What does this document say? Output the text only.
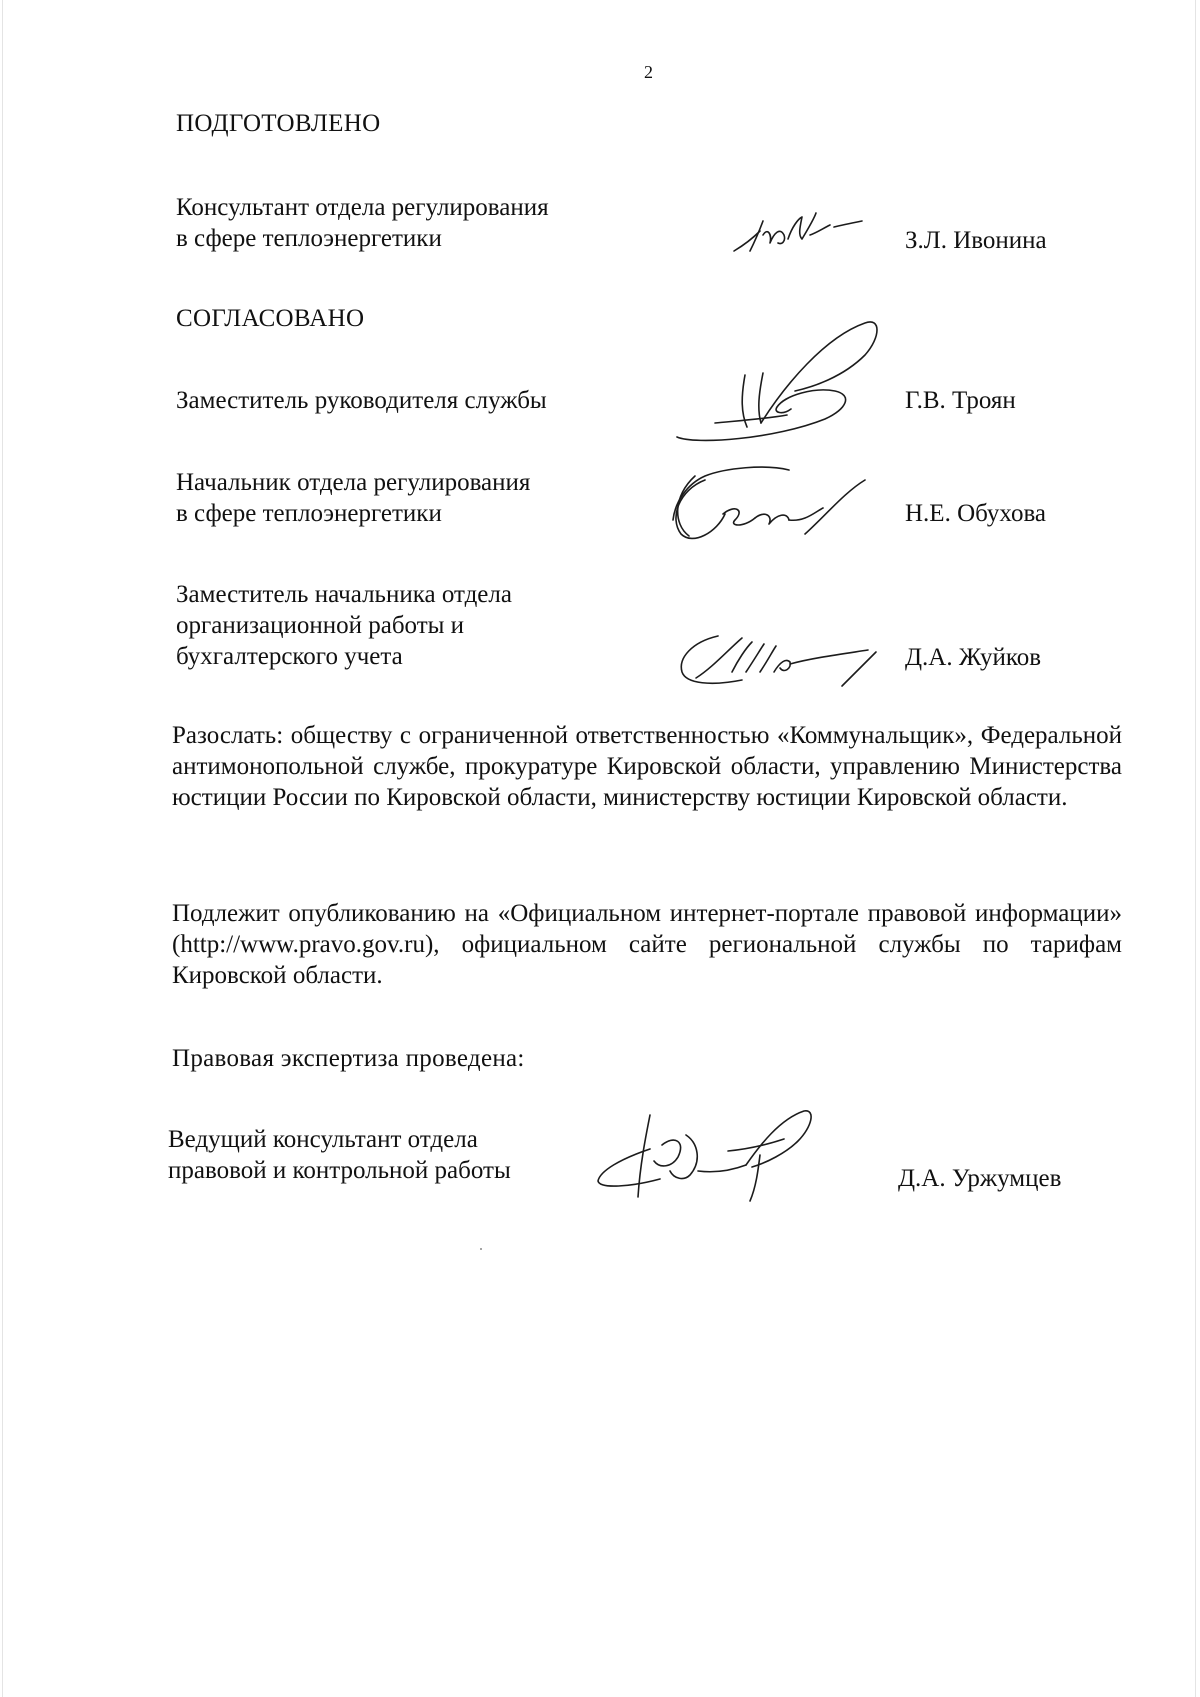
2
ПОДГОТОВЛЕНО
Консультант отдела регулирования
в сфере теплоэнергетики	З.Л. Ивонина
СОГЛАСОВАНО
Заместитель руководителя службы	Г.В. Троян
Начальник отдела регулирования
в сфере теплоэнергетики	Н.Е. Обухова
Заместитель начальника отдела
организационной работы и
бухгалтерского учета	Д.А. Жуйков
Разослать: обществу с ограниченной ответственностью «Коммунальщик», Федеральной антимонопольной службе, прокуратуре Кировской области, управлению Министерства юстиции России по Кировской области, министерству юстиции Кировской области.
Подлежит опубликованию на «Официальном интернет-портале правовой информации» (http://www.pravo.gov.ru), официальном сайте региональной службы по тарифам Кировской области.
Правовая экспертиза проведена:
Ведущий консультант отдела
правовой и контрольной работы	Д.А. Уржумцев
